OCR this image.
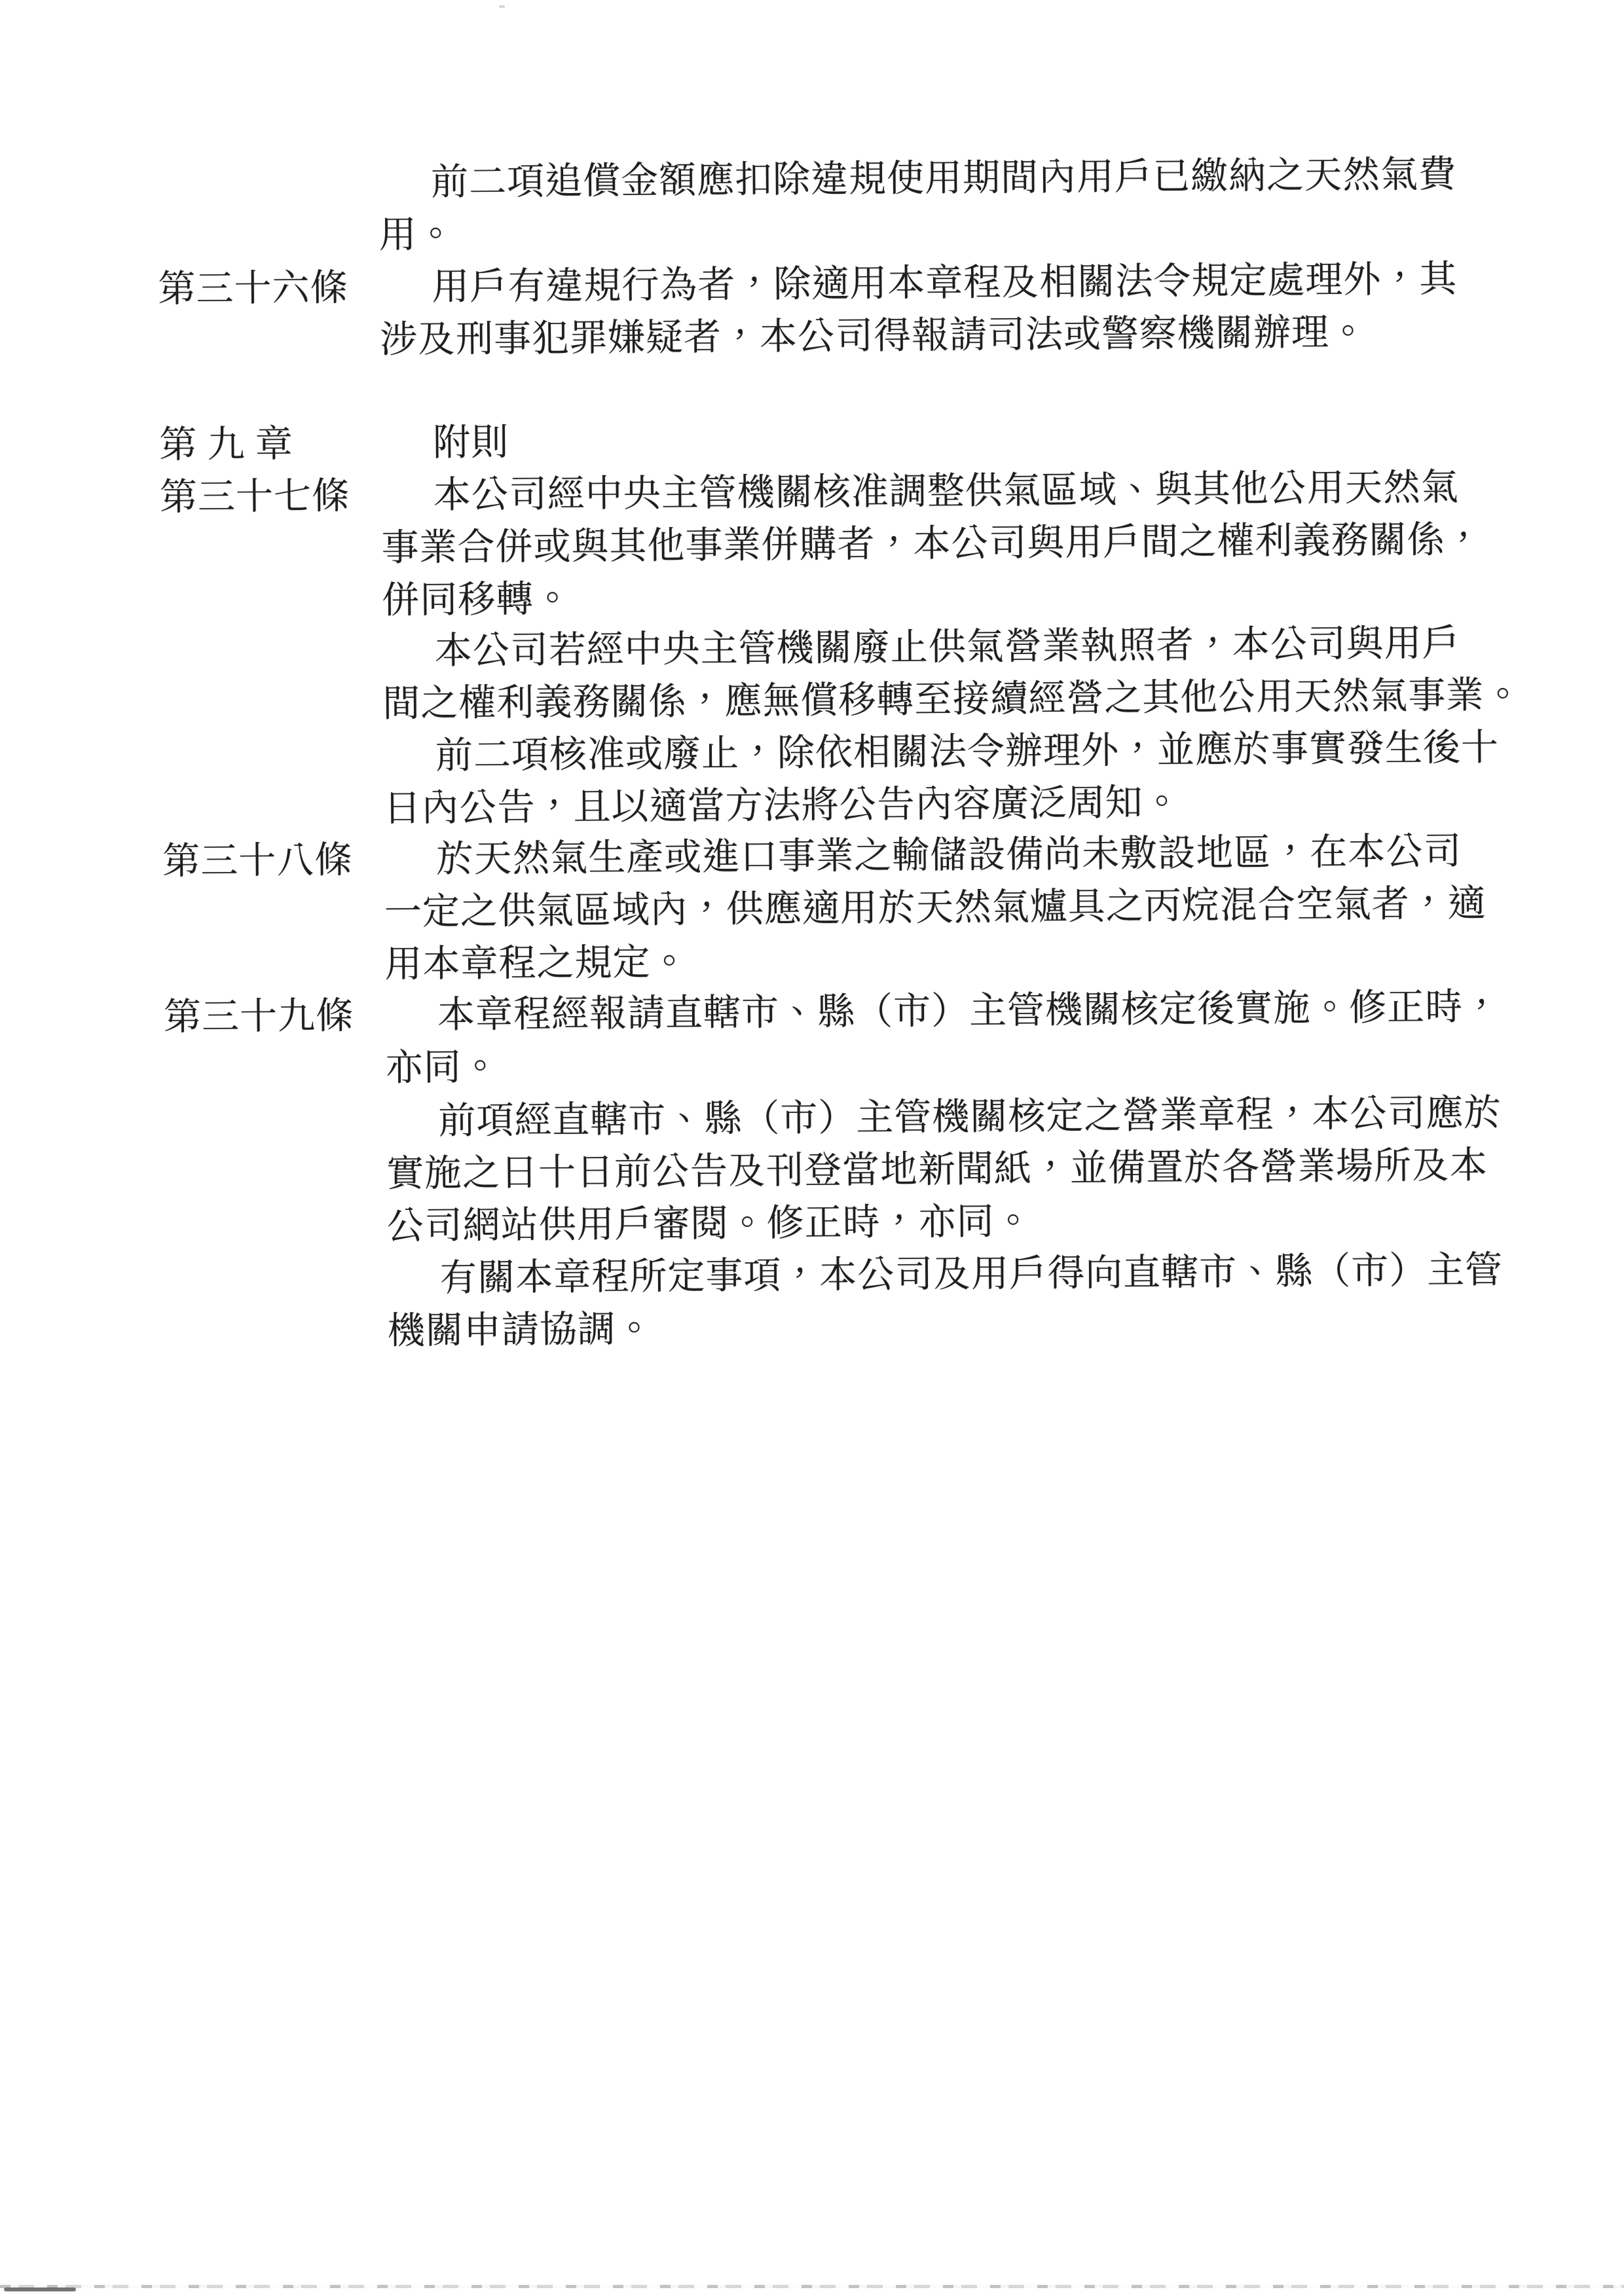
前二項追償金額應扣除違規使用期間內用戶已繳納之天然氣費
用。
第三十六條 用戶有違規行為者，除適用本章程及相關法令規定處理外，其
涉及刑事犯罪嫌疑者，本公司得報請司法或警察機關辦理。
第 九 章	附則
第三十七條 本公司經中央主管機關核准調整供氣區域、與其他公用天然氣
事業合併或與其他事業併購者，本公司與用戶間之權利義務關係，
併同移轉。
本公司若經中央主管機關廢止供氣營業執照者，本公司與用戶
間之權利義務關係，應無償移轉至接續經營之其他公用天然氣事業。
前二項核准或廢止，除依相關法令辦理外，並應於事實發生後十
日內公告，且以適當方法將公告內容廣泛周知。
第三十八條 於天然氣生產或進口事業之輸儲設備尚未敷設地區，在本公司
一定之供氣區域內，供應適用於天然氣爐具之丙烷混合空氣者，適
用本章程之規定。
第三十九條 本章程經報請直轄市、縣（市）主管機關核定後實施。修正時，
亦同。
前項經直轄市、縣（市）主管機關核定之營業章程，本公司應於
實施之日十日前公告及刊登當地新聞紙，並備置於各營業場所及本
公司網站供用戶審閱。修正時，亦同。
有關本章程所定事項，本公司及用戶得向直轄市、縣（市）主管
機關申請協調。
